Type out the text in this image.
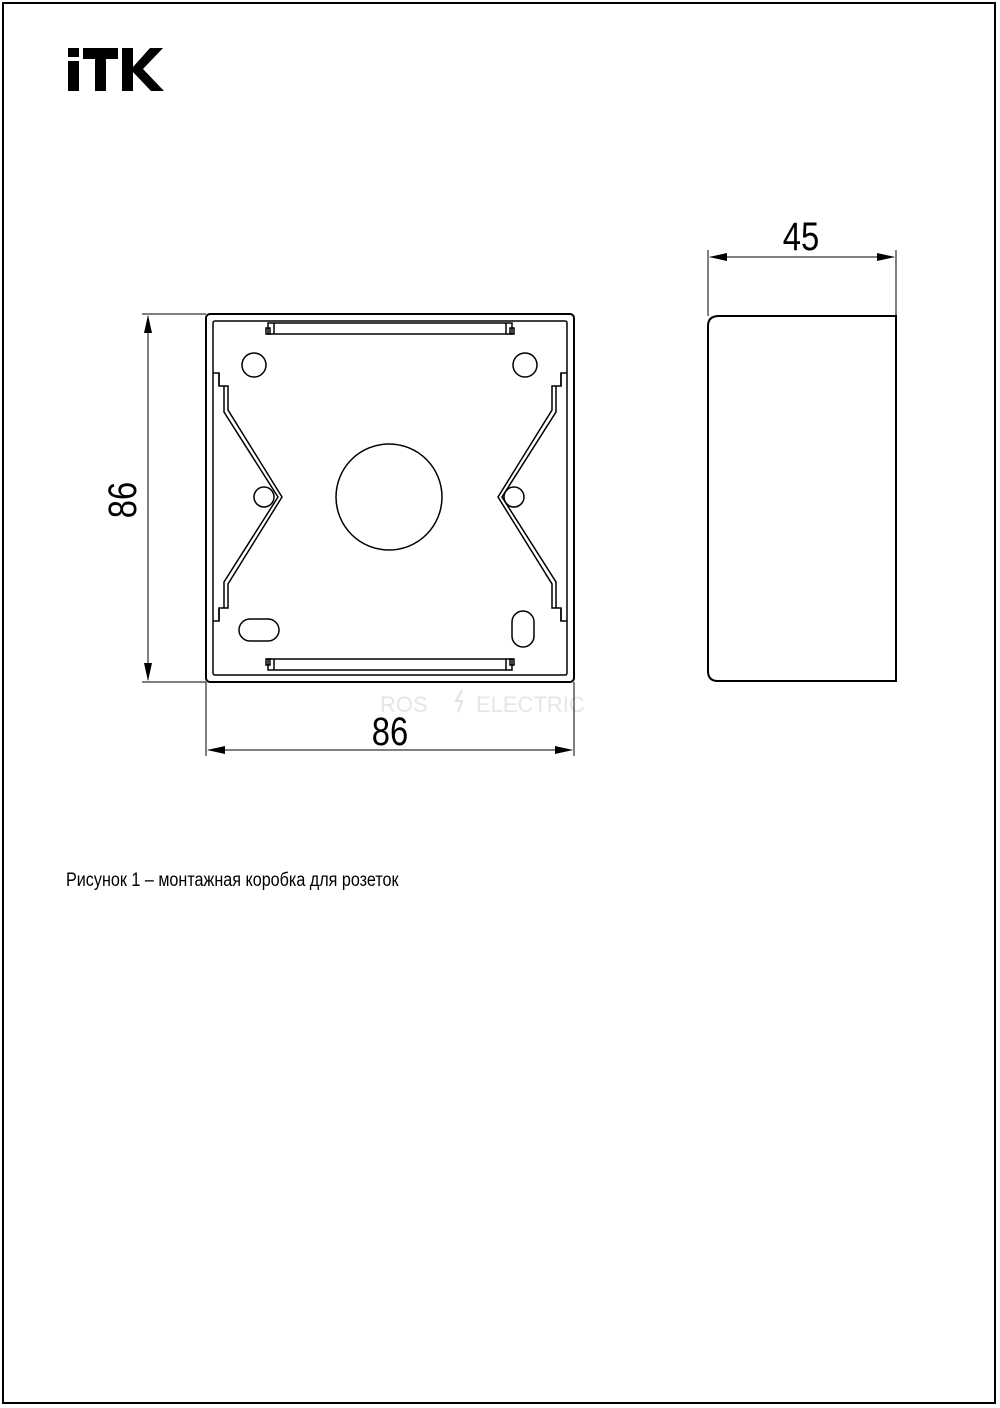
ROS ELECTRIC
86
86
45
Рисунок 1 – монтажная коробка для розеток
